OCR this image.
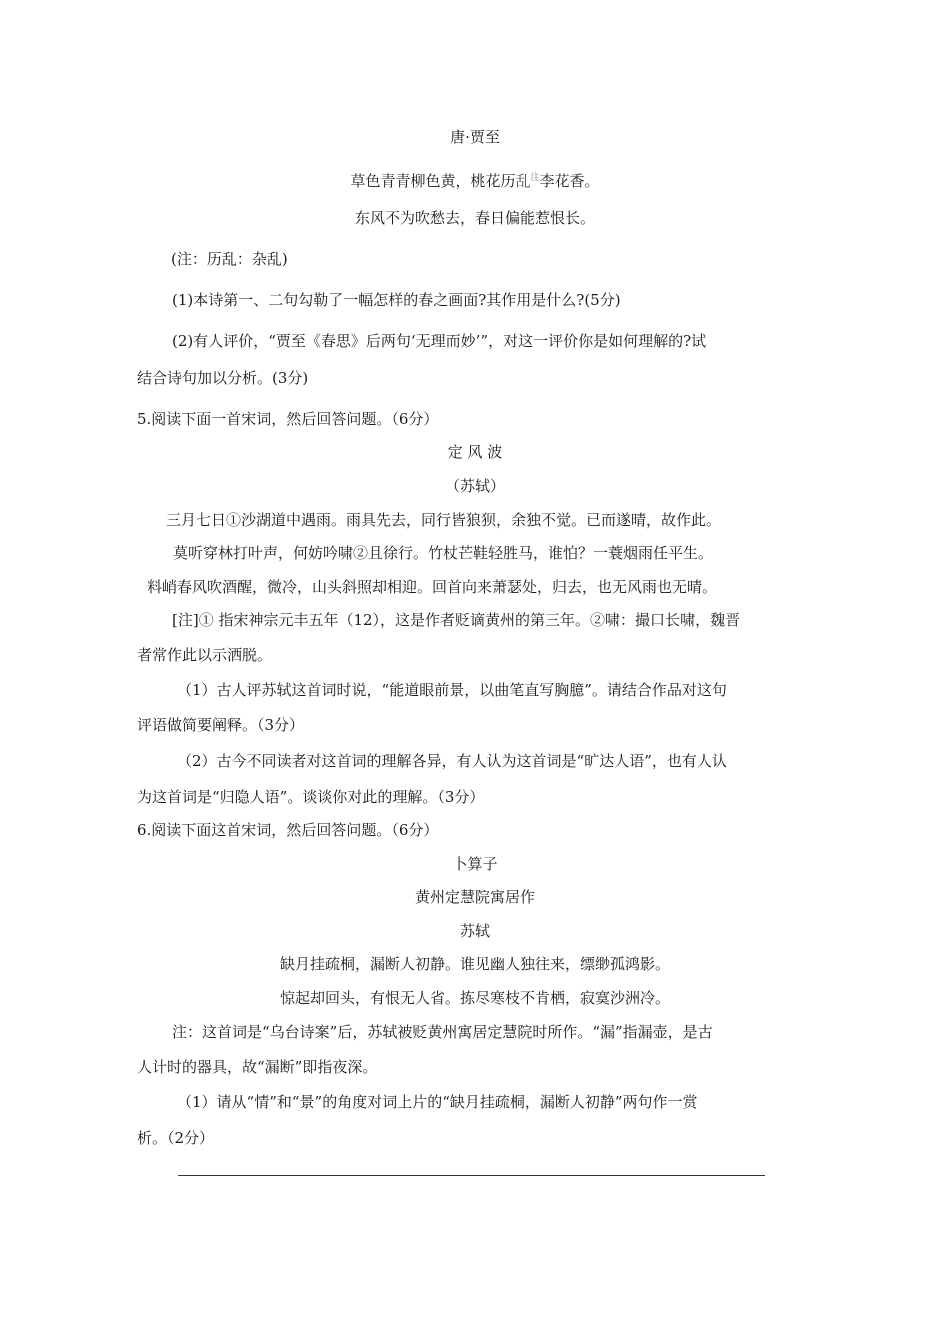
唐·贾至
草色青青柳色黄，桃花历乱$^注$李花香。
东风不为吹愁去，春日偏能惹恨长。
(注：历乱：杂乱)
(1)本诗第一、二句勾勒了一幅怎样的春之画面?其作用是什么?(5分)
(2)有人评价，“贾至《春思》后两句‘无理而妙’”，对这一评价你是如何理解的?试
结合诗句加以分析。(3分)
5.阅读下面一首宋词，然后回答问题。（6分）
定 风 波
（苏轼）
三月七日①沙湖道中遇雨。雨具先去，同行皆狼狈，余独不觉。已而遂晴，故作此。
莫听穿林打叶声，何妨吟啸②且徐行。竹杖芒鞋轻胜马，谁怕？一蓑烟雨任平生。
料峭春风吹酒醒，微冷，山头斜照却相迎。回首向来萧瑟处，归去，也无风雨也无晴。
[注]① 指宋神宗元丰五年（12），这是作者贬谪黄州的第三年。②啸：撮口长啸，魏晋
者常作此以示洒脱。
（1）古人评苏轼这首词时说，“能道眼前景，以曲笔直写胸臆”。请结合作品对这句
评语做简要阐释。（3分）
（2）古今不同读者对这首词的理解各异，有人认为这首词是“旷达人语”，也有人认
为这首词是“归隐人语”。谈谈你对此的理解。（3分）
6.阅读下面这首宋词，然后回答问题。（6分）
卜算子
黄州定慧院寓居作
苏轼
缺月挂疏桐，漏断人初静。谁见幽人独往来，缥缈孤鸿影。
惊起却回头，有恨无人省。拣尽寒枝不肯栖，寂寞沙洲冷。
注：这首词是“乌台诗案”后，苏轼被贬黄州寓居定慧院时所作。“漏”指漏壶，是古
人计时的器具，故“漏断”即指夜深。
（1）请从“情”和“景”的角度对词上片的“缺月挂疏桐，漏断人初静”两句作一赏
析。（2分）
